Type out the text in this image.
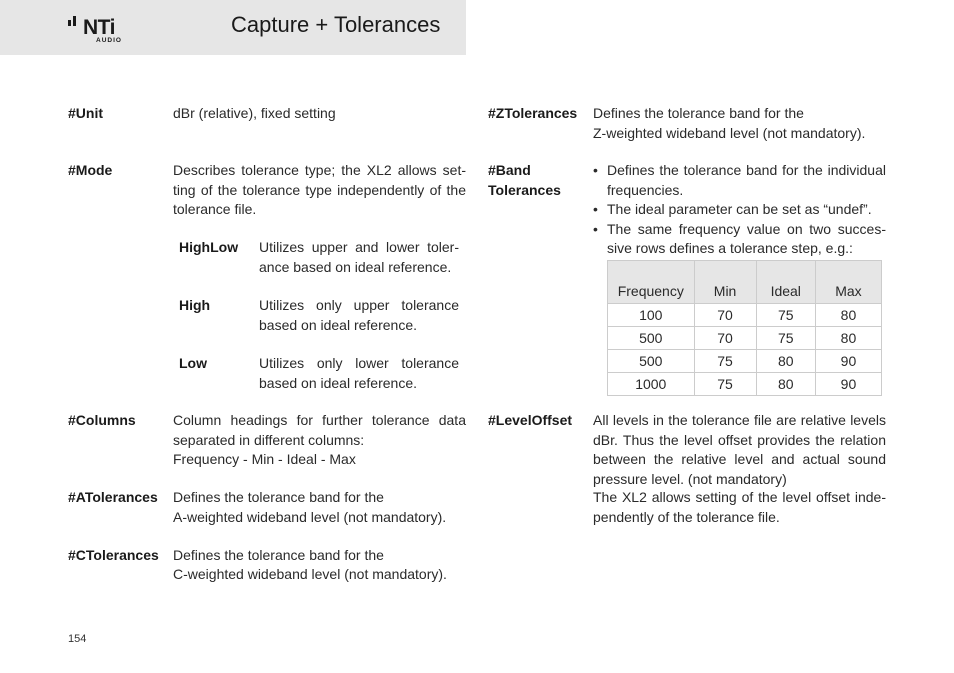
NTi
AUDIO
Capture + Tolerances
#Unit	dBr (relative), fixed setting
#Mode	Describes tolerance type; the XL2 allows set-ting of the tolerance type independently of the tolerance file.
HighLow Utilizes upper and lower toler-ance based on ideal reference.
High	Utilizes only upper tolerance based on ideal reference.
Low	Utilizes only lower tolerance based on ideal reference.
#Columns	Column headings for further tolerance data separated in different columns:
Frequency - Min - Ideal - Max
#ATolerances Defines the tolerance band for the
A-weighted wideband level (not mandatory).
#CTolerances Defines the tolerance band for the
C-weighted wideband level (not mandatory).
#ZTolerances Defines the tolerance band for the
Z-weighted wideband level (not mandatory).
#Band
Tolerances
• Defines the tolerance band for the individual frequencies.
• The ideal parameter can be set as “undef”.
• The same frequency value on two succes-sive rows defines a tolerance step, e.g.:
Frequency	Min	Ideal	Max
100	70	75	80
500	70	75	80
500	75	80	90
1000	75	80	90
#LevelOffset All levels in the tolerance file are relative levels dBr. Thus the level offset provides the relation between the relative level and actual sound pressure level. (not mandatory)
The XL2 allows setting of the level offset inde-pendently of the tolerance file.
154
